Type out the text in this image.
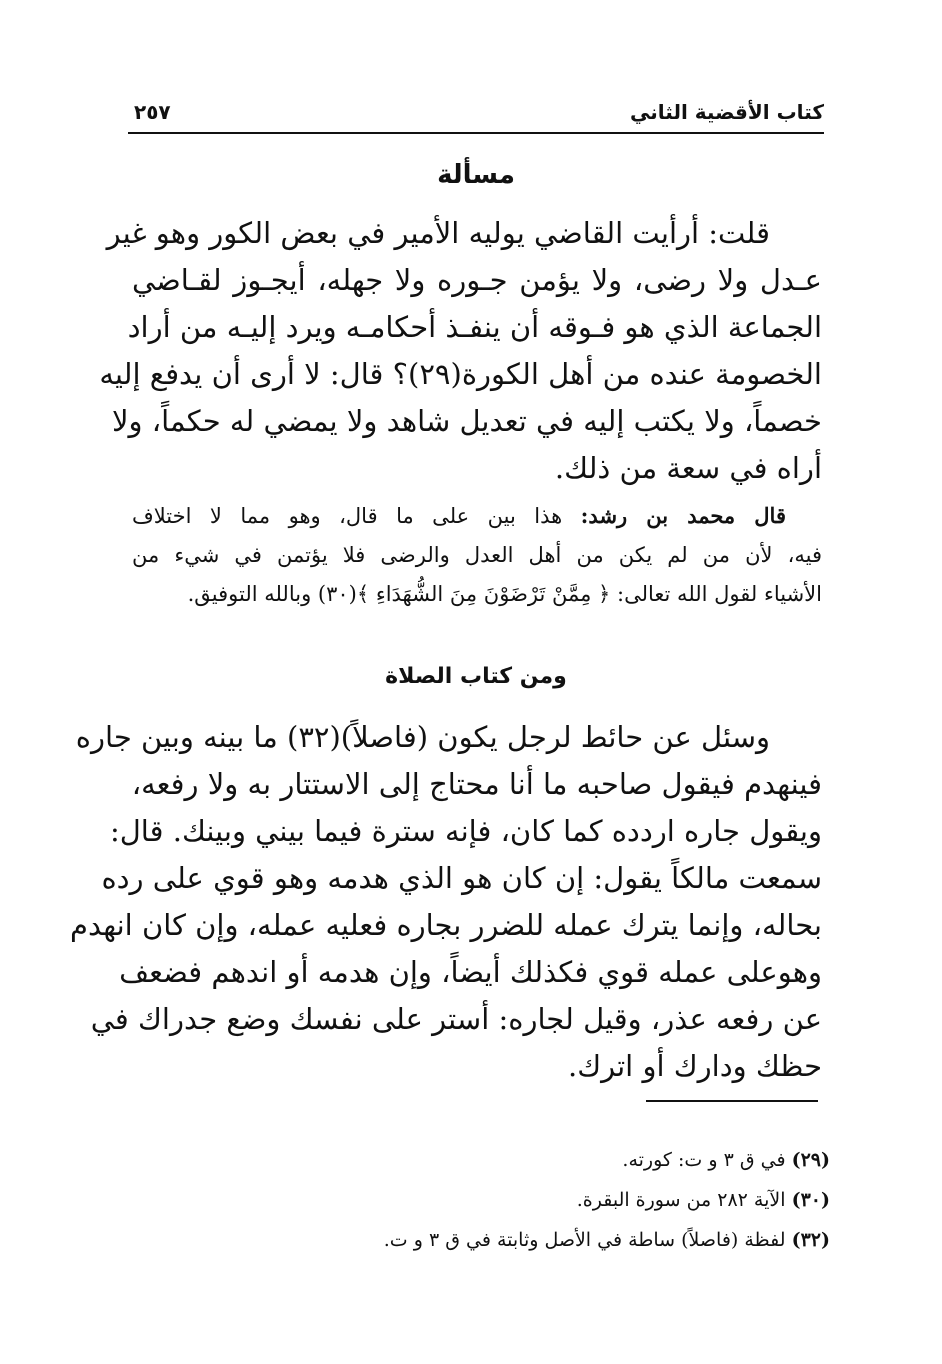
كتاب الأقضية الثاني
٢٥٧
مسألة

قلت: أرأيت القاضي يوليه الأمير في بعض الكور وهو غير
عـدل ولا رضى، ولا يؤمن جـوره ولا جهله، أيجـوز لقـاضي
الجماعة الذي هو فـوقه أن ينفـذ أحكامـه ويرد إليـه من أراد
الخصومة عنده من أهل الكورة(٢٩)؟ قال: لا أرى أن يدفع إليه
خصماً، ولا يكتب إليه في تعديل شاهد ولا يمضي له حكماً، ولا
أراه في سعة من ذلك.

قال محمد بن رشد: هذا بين على ما قال، وهو مما لا اختلاف
فيه، لأن من لم يكن من أهل العدل والرضى فلا يؤتمن في شيء من
الأشياء لقول الله تعالى: ﴿ مِمَّنْ تَرْضَوْنَ مِنَ الشُّهَدَاءِ ﴾(٣٠) وبالله التوفيق.

ومن كتاب الصلاة

وسئل عن حائط لرجل يكون (فاصلاً)(٣٢) ما بينه وبين جاره
فينهدم فيقول صاحبه ما أنا محتاج إلى الاستتار به ولا رفعه،
ويقول جاره اردده كما كان، فإنه سترة فيما بيني وبينك. قال:
سمعت مالكاً يقول: إن كان هو الذي هدمه وهو قوي على رده
بحاله، وإنما يترك عمله للضرر بجاره فعليه عمله، وإن كان انهدم
وهوعلى عمله قوي فكذلك أيضاً، وإن هدمه أو اندهم فضعف
عن رفعه عذر، وقيل لجاره: أستر على نفسك وضع جدراك في
حظك ودارك أو اترك.

(٢٩) في ق ٣ و ت: كورته.
(٣٠) الآية ٢٨٢ من سورة البقرة.
(٣٢) لفظة (فاصلاً) ساطة في الأصل وثابتة في ق ٣ و ت.
